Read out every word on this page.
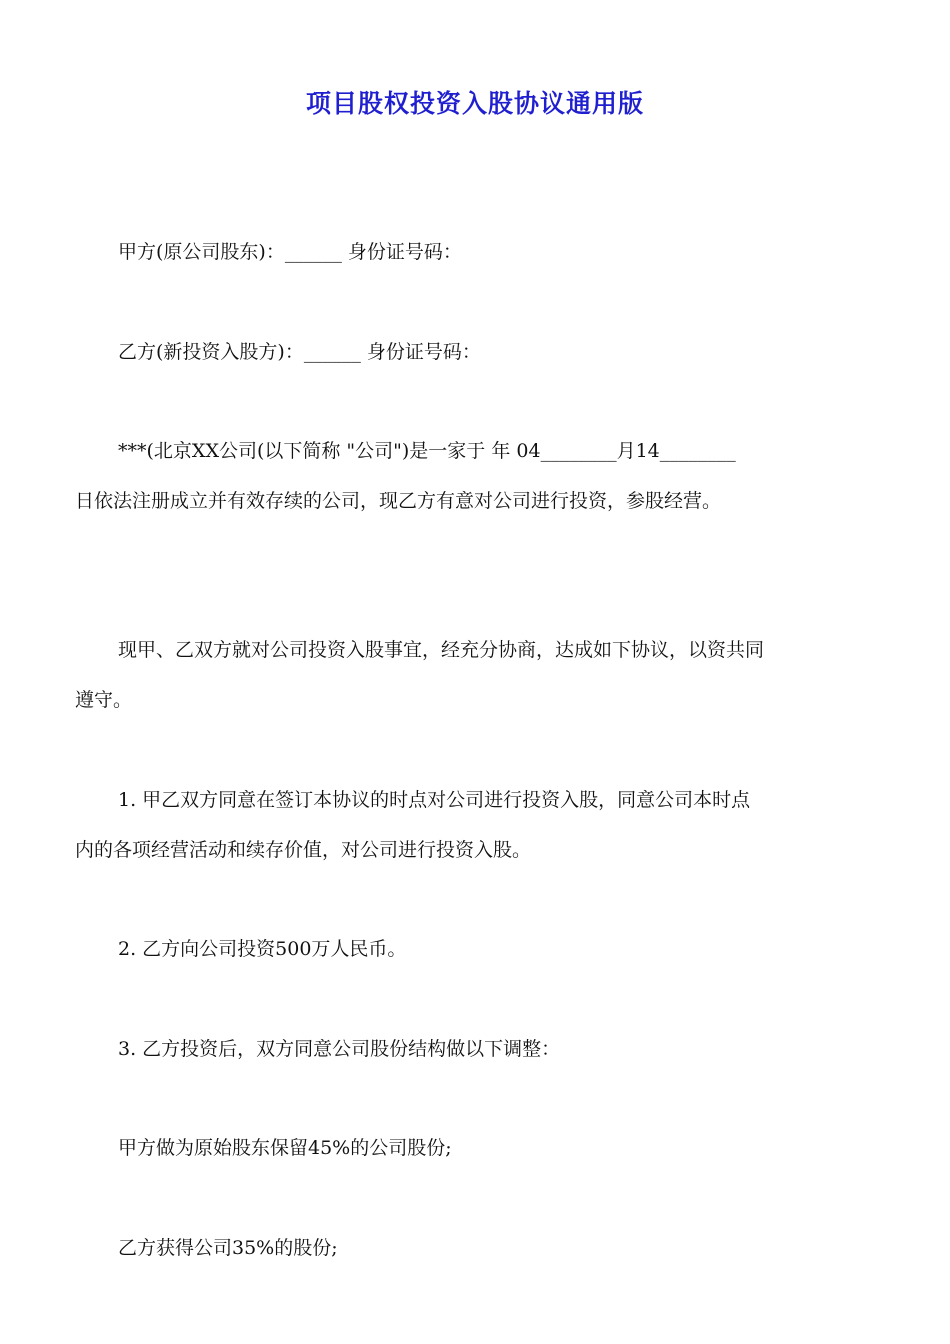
项目股权投资入股协议通用版
甲方(原公司股东)：______ 身份证号码：
乙方(新投资入股方)：______ 身份证号码：
***(北京XX公司(以下简称 "公司")是一家于 年 04________月14________
日依法注册成立并有效存续的公司，现乙方有意对公司进行投资，参股经营。
现甲、乙双方就对公司投资入股事宜，经充分协商，达成如下协议，以资共同
遵守。
1. 甲乙双方同意在签订本协议的时点对公司进行投资入股，同意公司本时点
内的各项经营活动和续存价值，对公司进行投资入股。
2. 乙方向公司投资500万人民币。
3. 乙方投资后，双方同意公司股份结构做以下调整：
甲方做为原始股东保留45%的公司股份;
乙方获得公司35%的股份;
